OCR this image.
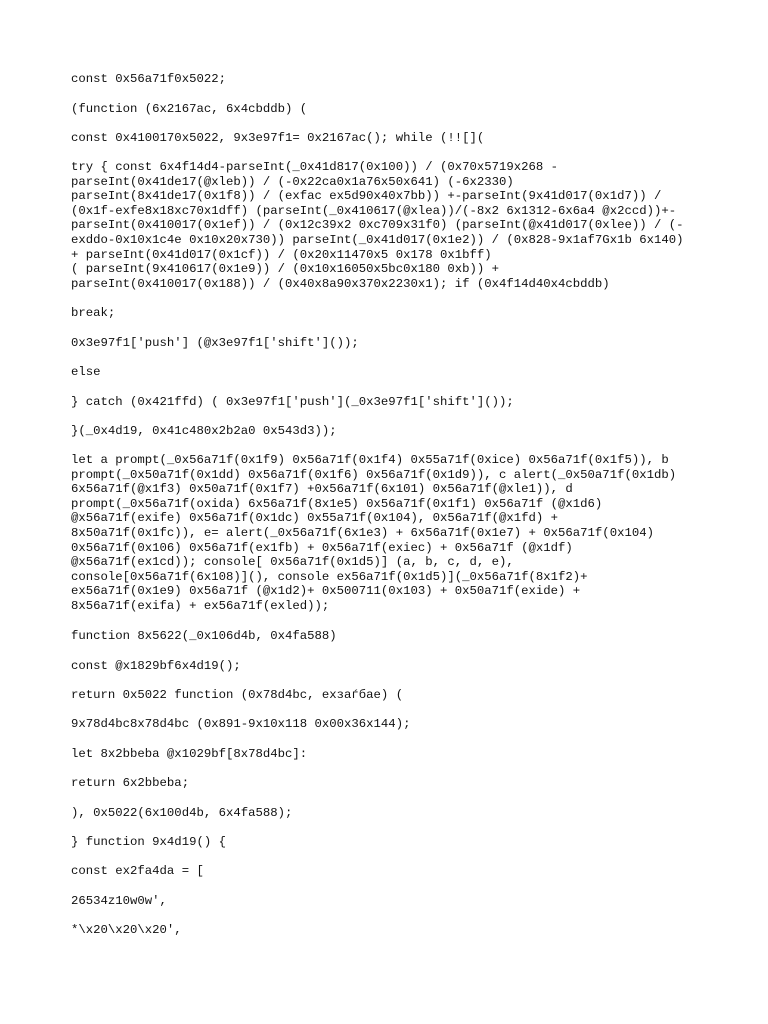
const 0x56a71f0x5022;
(function (6x2167ac, 6x4cbddb) (
const 0x4100170x5022, 9x3e97f1= 0x2167ac(); while (!![](
try { const 6x4f14d4-parseInt(_0x41d817(0x100)) / (0x70x5719x268 -
parseInt(0x41de17(@xleb)) / (-0x22ca0x1a76x50x641) (-6x2330)
parseInt(8x41de17(0x1f8)) / (exfac ex5d90x40x7bb)) +-parseInt(9x41d017(0x1d7)) /
(0x1f-exfe8x18xc70x1dff) (parseInt(_0x410617(@xlea))/(-8x2 6x1312-6x6a4 @x2ccd))+-
parseInt(0x410017(0x1ef)) / (0x12c39x2 0xc709x31f0) (parseInt(@x41d017(0xlee)) / (-
exddo-0x10x1c4e 0x10x20x730)) parseInt(_0x41d017(0x1e2)) / (0x828-9x1af7Gx1b 6x140)
+ parseInt(0x41d017(0x1cf)) / (0x20x11470x5 0x178 0x1bff)
( parseInt(9x410617(0x1e9)) / (0x10x16050x5bc0x180 0xb)) +
parseInt(0x410017(0x188)) / (0x40x8a90x370x2230x1); if (0x4f14d40x4cbddb)
break;
0x3e97f1['push'] (@x3e97f1['shift']());
else
} catch (0x421ffd) ( 0x3e97f1['push'](_0x3e97f1['shift']());
}(_0x4d19, 0x41c480x2b2a0 0x543d3));
let a prompt(_0x56a71f(0x1f9) 0x56a71f(0x1f4) 0x55a71f(0xice) 0x56a71f(0x1f5)), b
prompt(_0x50a71f(0x1dd) 0x56a71f(0x1f6) 0x56a71f(0x1d9)), c alert(_0x50a71f(0x1db)
6x56a71f(@x1f3) 0x50a71f(0x1f7) +0x56a71f(6x101) 0x56a71f(@xle1)), d
prompt(_0x56a71f(oxida) 6x56a71f(8x1e5) 0x56a71f(0x1f1) 0x56a71f (@x1d6)
@x56a71f(exife) 0x56a71f(0x1dc) 0x55a71f(0x104), 0x56a71f(@x1fd) +
8x50a71f(0x1fc)), e= alert(_0x56a71f(6x1e3) + 6x56a71f(0x1e7) + 0x56a71f(0x104)
0x56a71f(0x106) 0x56a71f(ex1fb) + 0x56a71f(exiec) + 0x56a71f (@x1df)
@x56a71f(ex1cd)); console[ 0x56a71f(0x1d5)] (a, b, c, d, e),
console[0x56a71f(6x108)](), console ex56a71f(0x1d5)](_0x56a71f(8x1f2)+
ex56a71f(0x1e9) 0x56a71f (@x1d2)+ 0x500711(0x103) + 0x50a71f(exide) +
8x56a71f(exifa) + ex56a71f(exled));
function 8x5622(_0x106d4b, 0x4fa588)
const @x1829bf6x4d19();
return 0x5022 function (0x78d4bc, exзаѓбae) (
9x78d4bc8x78d4bc (0x891-9x10x118 0x00x36x144);
let 8x2bbeba @x1029bf[8x78d4bc]:
return 6x2bbeba;
), 0x5022(6x100d4b, 6x4fa588);
} function 9x4d19() {
const ex2fa4da = [
26534z10w0w',
*\x20\x20\x20',
